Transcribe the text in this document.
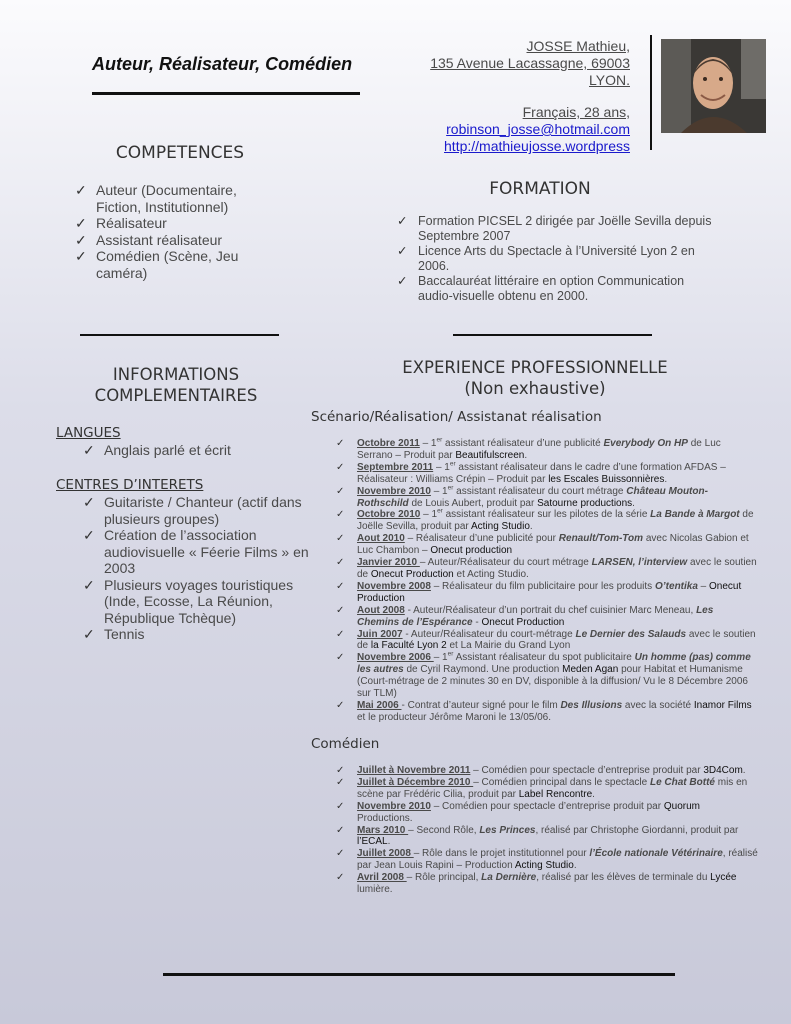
Auteur, Réalisateur, Comédien
JOSSE Mathieu,
135 Avenue Lacassagne, 69003
LYON.
Français, 28 ans,
robinson_josse@hotmail.com
http://mathieujosse.wordpress
COMPETENCES
✓ Auteur (Documentaire, Fiction, Institutionnel)
✓ Réalisateur
✓ Assistant réalisateur
✓ Comédien (Scène, Jeu caméra)
FORMATION
✓ Formation PICSEL 2 dirigée par Joëlle Sevilla depuis Septembre 2007
✓ Licence Arts du Spectacle à l’Université Lyon 2 en 2006.
✓ Baccalauréat littéraire en option Communication audio-visuelle obtenu en 2000.
INFORMATIONS
COMPLEMENTAIRES
LANGUES
✓ Anglais parlé et écrit
CENTRES D’INTERETS
✓ Guitariste / Chanteur (actif dans plusieurs groupes)
✓ Création de l’association audiovisuelle « Féerie Films » en 2003
✓ Plusieurs voyages touristiques (Inde, Ecosse, La Réunion, République Tchèque)
✓ Tennis
EXPERIENCE PROFESSIONNELLE
(Non exhaustive)
Scénario/Réalisation/ Assistanat réalisation
✓ Octobre 2011 – 1er assistant réalisateur d’une publicité Everybody On HP de Luc Serrano – Produit par Beautifulscreen.
✓ Septembre 2011 – 1er assistant réalisateur dans le cadre d’une formation AFDAS – Réalisateur : Williams Crépin – Produit par les Escales Buissonnières.
✓ Novembre 2010 – 1er assistant réalisateur du court métrage Château Mouton-Rothschild de Louis Aubert, produit par Satourne productions.
✓ Octobre 2010 – 1er assistant réalisateur sur les pilotes de la série La Bande à Margot de Joëlle Sevilla, produit par Acting Studio.
✓ Aout 2010 – Réalisateur d’une publicité pour Renault/Tom-Tom avec Nicolas Gabion et Luc Chambon – Onecut production
✓ Janvier 2010 – Auteur/Réalisateur du court métrage LARSEN, l’interview avec le soutien de Onecut Production et Acting Studio.
✓ Novembre 2008 – Réalisateur du film publicitaire pour les produits O’tentika – Onecut Production
✓ Aout 2008 - Auteur/Réalisateur d’un portrait du chef cuisinier Marc Meneau, Les Chemins de l’Espérance - Onecut Production
✓ Juin 2007 - Auteur/Réalisateur du court-métrage Le Dernier des Salauds avec le soutien de la Faculté Lyon 2 et La Mairie du Grand Lyon
✓ Novembre 2006 – 1er Assistant réalisateur du spot publicitaire Un homme (pas) comme les autres de Cyril Raymond. Une production Meden Agan pour Habitat et Humanisme (Court-métrage de 2 minutes 30 en DV, disponible à la diffusion/ Vu le 8 Décembre 2006 sur TLM)
✓ Mai 2006 - Contrat d’auteur signé pour le film Des Illusions avec la société Inamor Films et le producteur Jérôme Maroni le 13/05/06.
Comédien
✓ Juillet à Novembre 2011 – Comédien pour spectacle d’entreprise produit par 3D4Com.
✓ Juillet à Décembre 2010 – Comédien principal dans le spectacle Le Chat Botté mis en scène par Frédéric Cilia, produit par Label Rencontre.
✓ Novembre 2010 – Comédien pour spectacle d’entreprise produit par Quorum Productions.
✓ Mars 2010 – Second Rôle, Les Princes, réalisé par Christophe Giordanni, produit par l’ECAL.
✓ Juillet 2008 – Rôle dans le projet institutionnel pour l’École nationale Vétérinaire, réalisé par Jean Louis Rapini – Production Acting Studio.
✓ Avril 2008 – Rôle principal, La Dernière, réalisé par les élèves de terminale du Lycée lumière.
